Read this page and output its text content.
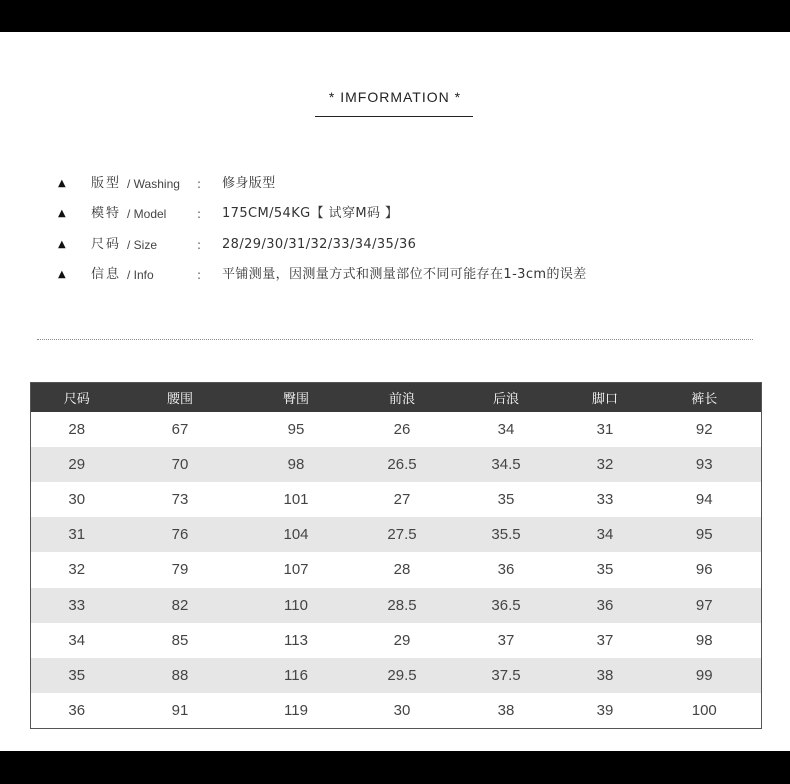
* IMFORMATION *
▲ 版型 / Washing : 修身版型
▲ 模特 / Model	: 175CM/54KG【 试穿M码 】
▲ 尺码 / Size	: 28/29/30/31/32/33/34/35/36
▲ 信息 / Info	: 平铺测量，因测量方式和测量部位不同可能存在1-3cm的误差
尺码	腰围	臀围	前浪	后浪	脚口	裤长
28	67	95	26	34	31	92
29	70	98	26.5	34.5	32	93
30	73	101	27	35	33	94
31	76	104	27.5	35.5	34	95
32	79	107	28	36	35	96
33	82	110	28.5	36.5	36	97
34	85	113	29	37	37	98
35	88	116	29.5	37.5	38	99
36	91	119	30	38	39	100
